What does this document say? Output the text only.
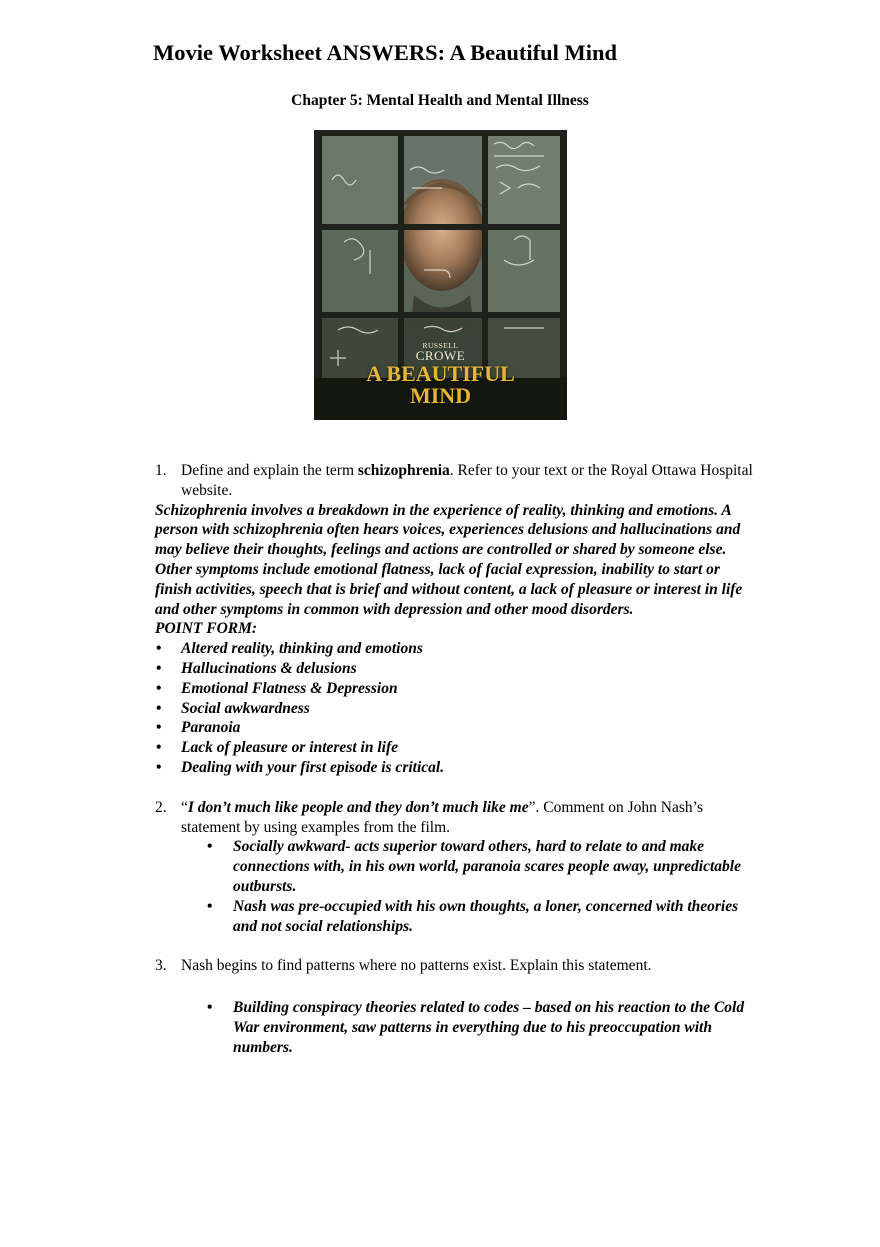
Movie Worksheet ANSWERS: A Beautiful Mind
Chapter 5: Mental Health and Mental Illness
RUSSELL
CROWE
A BEAUTIFUL
MIND

1. Define and explain the term schizophrenia. Refer to your text or the Royal Ottawa Hospital website.

Schizophrenia involves a breakdown in the experience of reality, thinking and emotions. A person with schizophrenia often hears voices, experiences delusions and hallucinations and may believe their thoughts, feelings and actions are controlled or shared by someone else. Other symptoms include emotional flatness, lack of facial expression, inability to start or finish activities, speech that is brief and without content, a lack of pleasure or interest in life and other symptoms in common with depression and other mood disorders.

POINT FORM:

• Altered reality, thinking and emotions
• Hallucinations & delusions
• Emotional Flatness & Depression
• Social awkwardness
• Paranoia
• Lack of pleasure or interest in life
• Dealing with your first episode is critical.

2. “I don’t much like people and they don’t much like me”. Comment on John Nash’s statement by using examples from the film.

• Socially awkward- acts superior toward others, hard to relate to and make connections with, in his own world, paranoia scares people away, unpredictable outbursts.
• Nash was pre-occupied with his own thoughts, a loner, concerned with theories and not social relationships.

3. Nash begins to find patterns where no patterns exist. Explain this statement.

• Building conspiracy theories related to codes – based on his reaction to the Cold War environment, saw patterns in everything due to his preoccupation with numbers.
